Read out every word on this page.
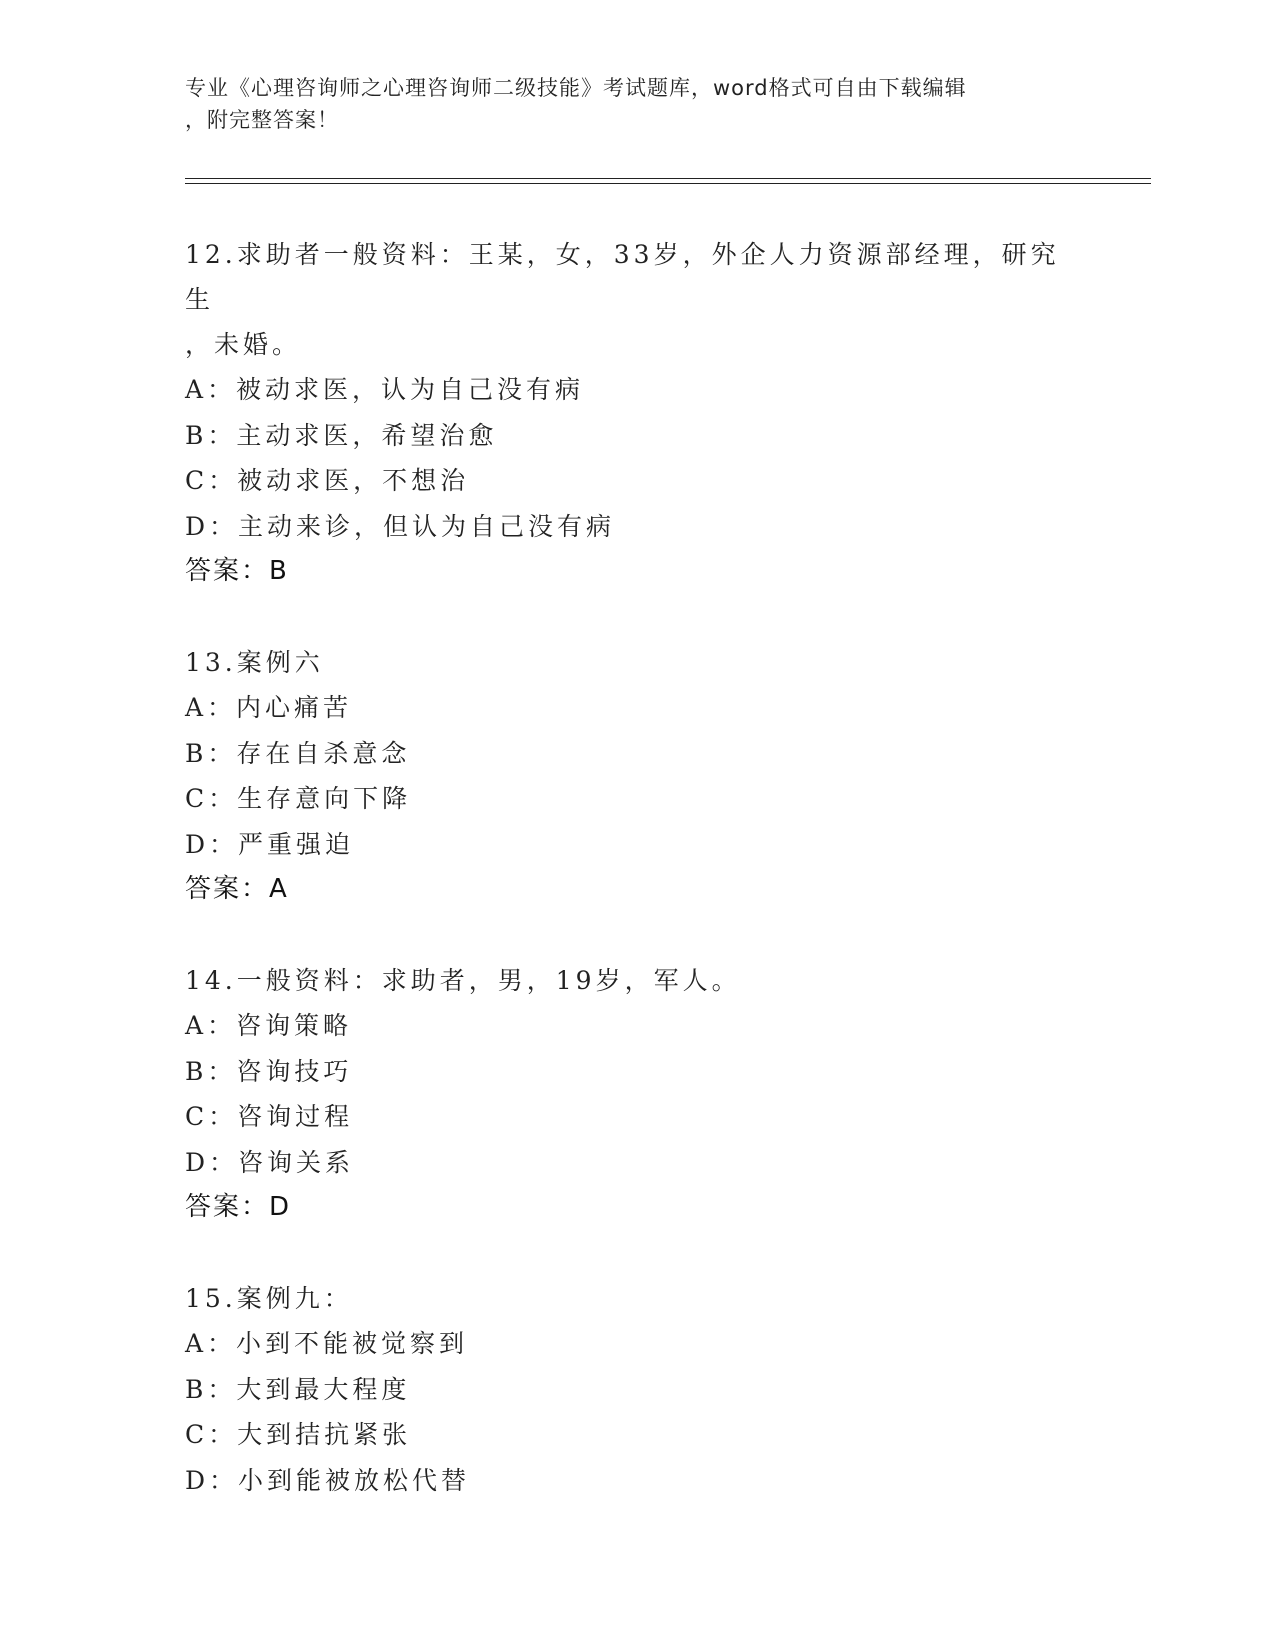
专业《心理咨询师之心理咨询师二级技能》考试题库，word格式可自由下载编辑
，附完整答案！
12.求助者一般资料：王某，女，33岁，外企人力资源部经理，研究生
，未婚。
A：被动求医，认为自己没有病
B：主动求医，希望治愈
C：被动求医，不想治
D：主动来诊，但认为自己没有病
答案：B
13.案例六
A：内心痛苦
B：存在自杀意念
C：生存意向下降
D：严重强迫
答案：A
14.一般资料：求助者，男，19岁，军人。
A：咨询策略
B：咨询技巧
C：咨询过程
D：咨询关系
答案：D
15.案例九：
A：小到不能被觉察到
B：大到最大程度
C：大到拮抗紧张
D：小到能被放松代替
